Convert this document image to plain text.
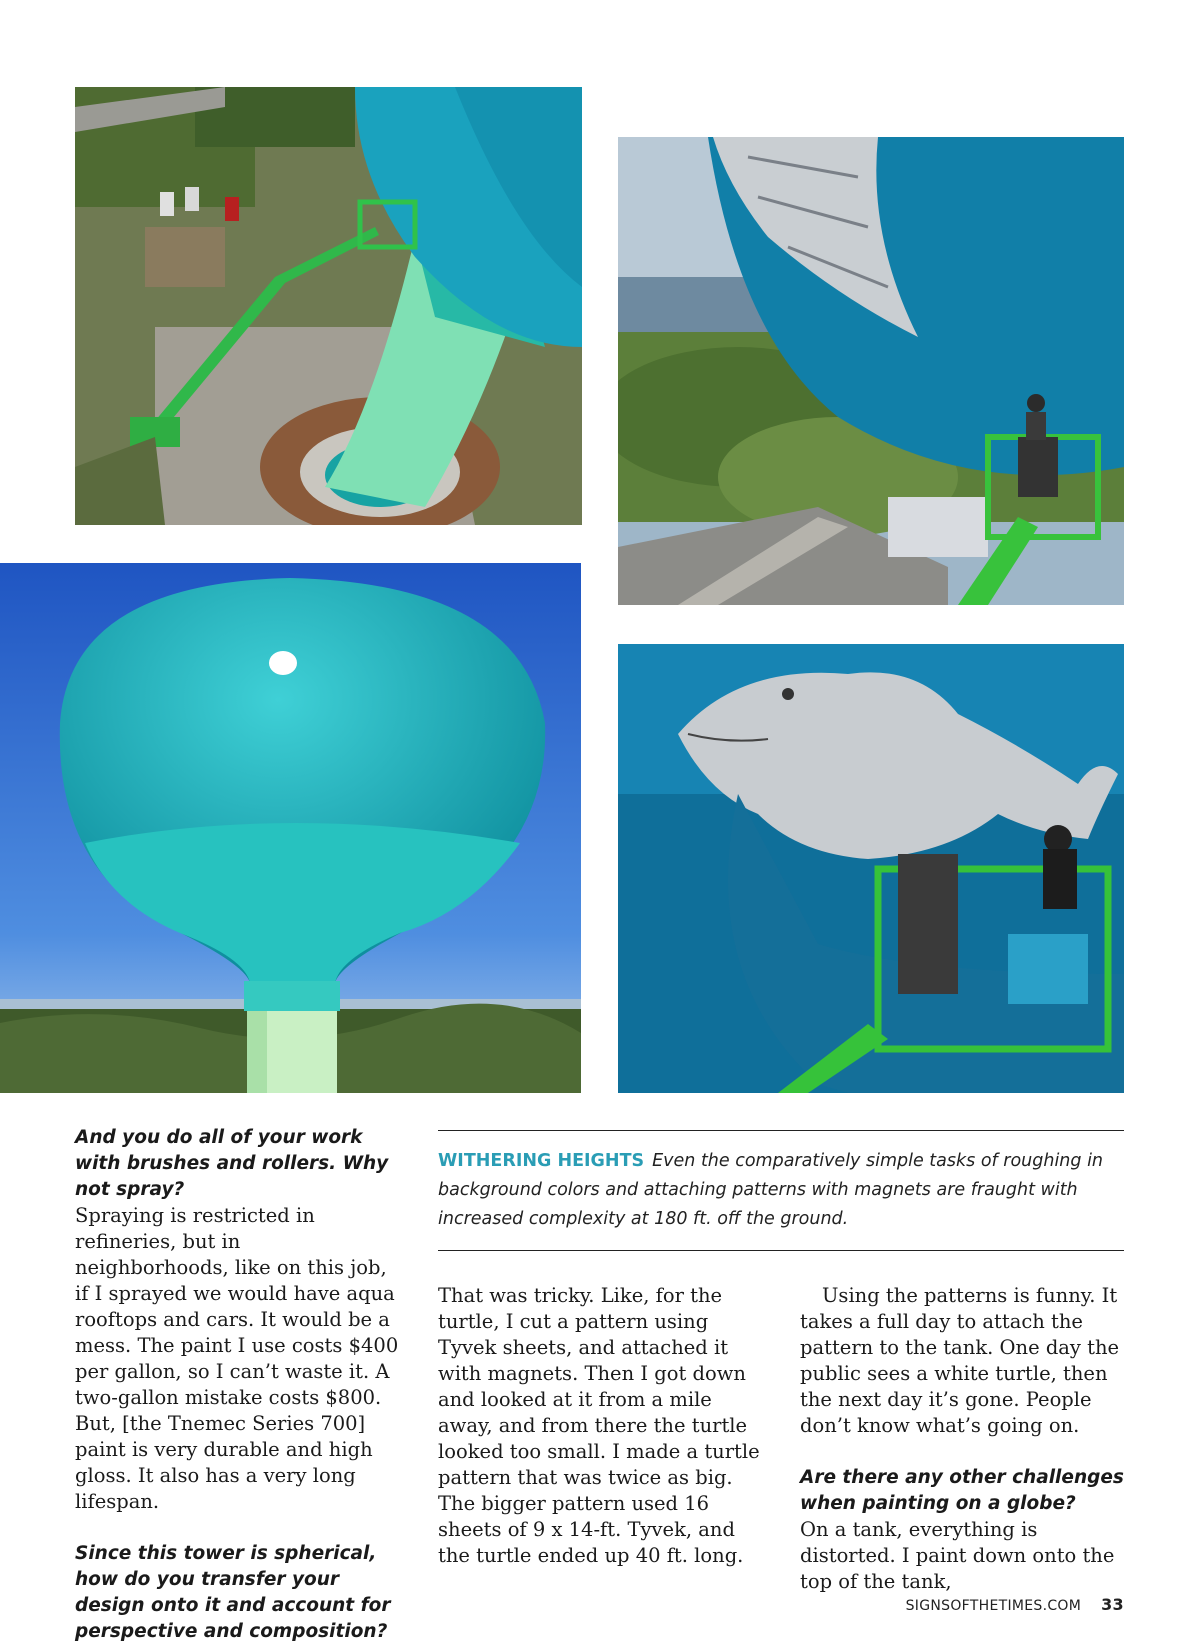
And you do all of your work with brushes and rollers. Why not spray?

Spraying is restricted in refineries, but in neighborhoods, like on this job, if I sprayed we would have aqua rooftops and cars. It would be a mess. The paint I use costs $400 per gallon, so I can’t waste it. A two-gallon mistake costs $800. But, [the Tnemec Series 700] paint is very durable and high gloss. It also has a very long lifespan.

Since this tower is spherical, how do you transfer your design onto it and account for perspective and composition?

WITHERING HEIGHTS Even the comparatively simple tasks of roughing in background colors and attaching patterns with magnets are fraught with increased complexity at 180 ft. off the ground.

That was tricky. Like, for the turtle, I cut a pattern using Tyvek sheets, and attached it with magnets. Then I got down and looked at it from a mile away, and from there the turtle looked too small. I made a turtle pattern that was twice as big. The bigger pattern used 16 sheets of 9 x 14-ft. Tyvek, and the turtle ended up 40 ft. long.

Using the patterns is funny. It takes a full day to attach the pattern to the tank. One day the public sees a white turtle, then the next day it’s gone. People don’t know what’s going on.

Are there any other challenges when painting on a globe?

On a tank, everything is distorted. I paint down onto the top of the tank,

SIGNSOFTHETIMES.COM 33
